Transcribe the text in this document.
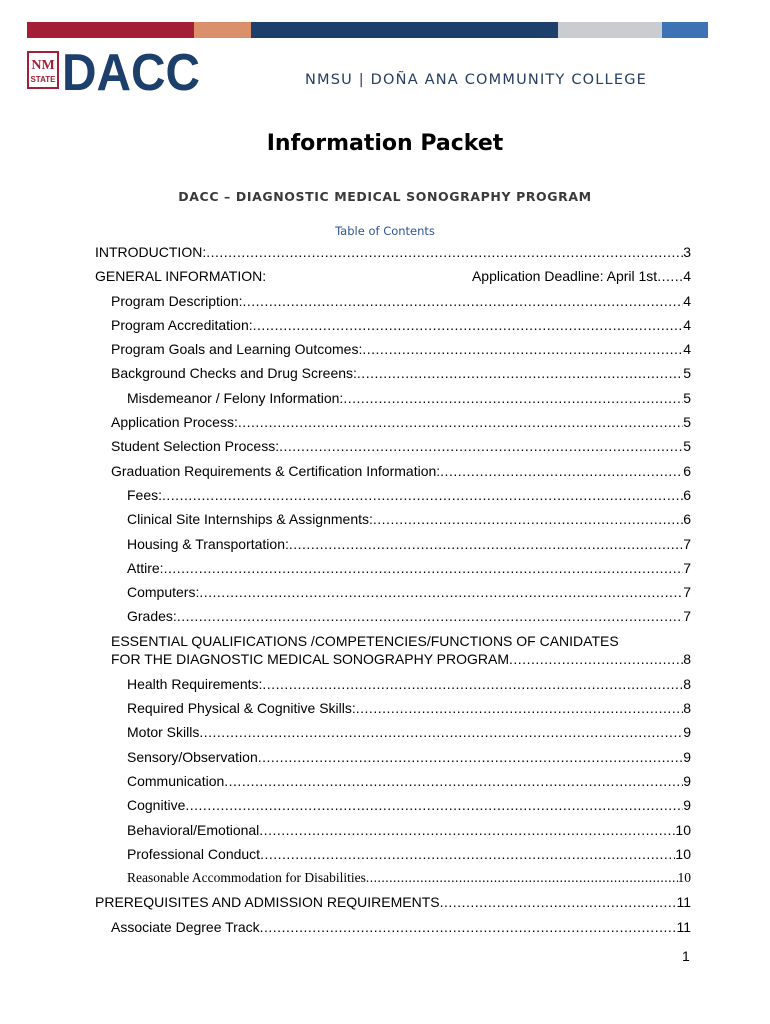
NM
STATE DACC	NMSU | DOÑA ANA COMMUNITY COLLEGE
Information Packet
DACC – DIAGNOSTIC MEDICAL SONOGRAPHY PROGRAM
Table of Contents
INTRODUCTION: .....	3
GENERAL INFORMATION:	Application Deadline: April 1st ..... 4
Program Description: .....	4
Program Accreditation: .....	4
Program Goals and Learning Outcomes: .....	4
Background Checks and Drug Screens: .....	5
Misdemeanor / Felony Information: .....	5
Application Process: .....	5
Student Selection Process: .....	5
Graduation Requirements & Certification Information: .....	6
Fees: .....	6
Clinical Site Internships & Assignments: .....	6
Housing & Transportation: .....	7
Attire: .....	7
Computers: .....	7
Grades: .....	7
ESSENTIAL QUALIFICATIONS /COMPETENCIES/FUNCTIONS OF CANIDATES
FOR THE DIAGNOSTIC MEDICAL SONOGRAPHY PROGRAM .....	8
Health Requirements: .....	8
Required Physical & Cognitive Skills: .....	8
Motor Skills .....	9
Sensory/Observation .....	9
Communication .....	9
Cognitive .....	9
Behavioral/Emotional .....	10
Professional Conduct .....	10
Reasonable Accommodation for Disabilities .....	10
PREREQUISITES AND ADMISSION REQUIREMENTS .....	11
Associate Degree Track .....	11
1
